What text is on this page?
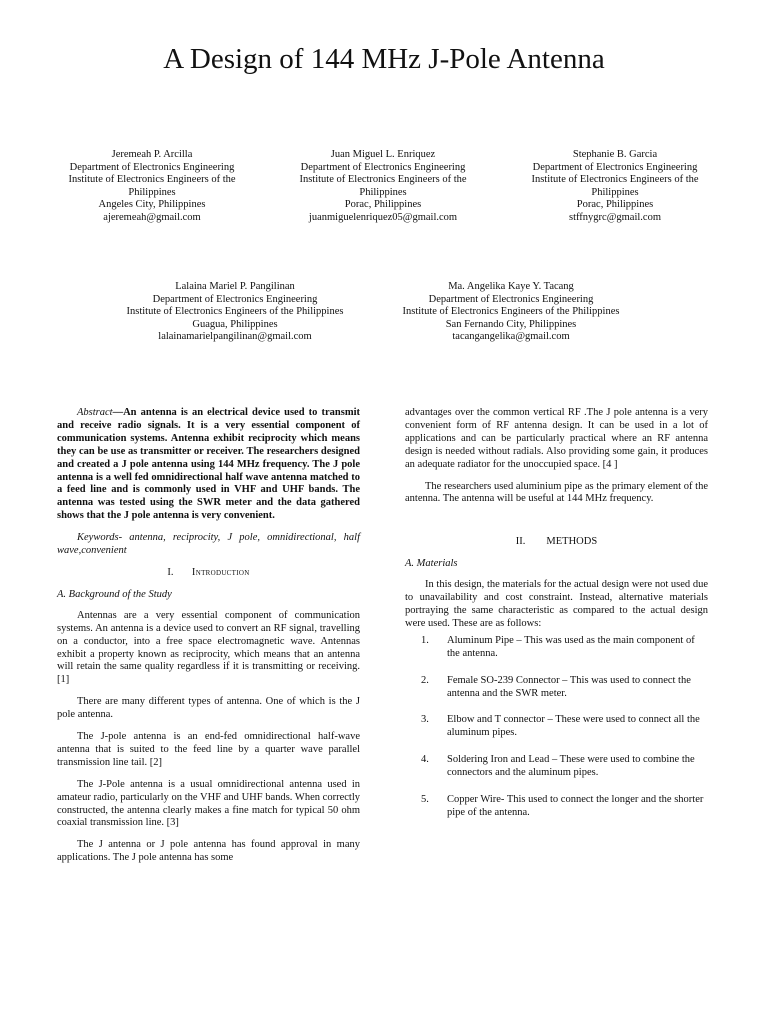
A Design of 144 MHz J-Pole Antenna
Jeremeah P. Arcilla
Department of Electronics Engineering
Institute of Electronics Engineers of the
Philippines
Angeles City, Philippines
ajeremeah@gmail.com
Juan Miguel L. Enriquez
Department of Electronics Engineering
Institute of Electronics Engineers of the
Philippines
Porac, Philippines
juanmiguelenriquez05@gmail.com
Stephanie B. Garcia
Department of Electronics Engineering
Institute of Electronics Engineers of the
Philippines
Porac, Philippines
stffnygrc@gmail.com
Lalaina Mariel P. Pangilinan
Department of Electronics Engineering
Institute of Electronics Engineers of the Philippines
Guagua, Philippines
lalainamarielpangilinan@gmail.com
Ma. Angelika Kaye Y. Tacang
Department of Electronics Engineering
Institute of Electronics Engineers of the Philippines
San Fernando City, Philippines
tacangangelika@gmail.com

Abstract—An antenna is an electrical device used to transmit and receive radio signals. It is a very essential component of communication systems. Antenna exhibit reciprocity which means they can be use as transmitter or receiver. The researchers designed and created a J pole antenna using 144 MHz frequency. The J pole antenna is a well fed omnidirectional half wave antenna matched to a feed line and is commonly used in VHF and UHF bands. The antenna was tested using the SWR meter and the data gathered shows that the J pole antenna is very convenient.

Keywords- antenna, reciprocity, J pole, omnidirectional, half wave,convenient

I. Introduction

A. Background of the Study

Antennas are a very essential component of communication systems. An antenna is a device used to convert an RF signal, travelling on a conductor, into a free space electromagnetic wave. Antennas exhibit a property known as reciprocity, which means that an antenna will retain the same quality regardless if it is transmitting or receiving. [1]

There are many different types of antenna. One of which is the J pole antenna.

The J-pole antenna is an end-fed omnidirectional half-wave antenna that is suited to the feed line by a quarter wave parallel transmission line tail. [2]

The J-Pole antenna is a usual omnidirectional antenna used in amateur radio, particularly on the VHF and UHF bands. When correctly constructed, the antenna clearly makes a fine match for typical 50 ohm coaxial transmission line. [3]

The J antenna or J pole antenna has found approval in many applications. The J pole antenna has some

advantages over the common vertical RF .The J pole antenna is a very convenient form of RF antenna design. It can be used in a lot of applications and can be particularly practical where an RF antenna design is needed without radials. Also providing some gain, it produces an adequate radiator for the unoccupied space. [4 ]

The researchers used aluminium pipe as the primary element of the antenna. The antenna will be useful at 144 MHz frequency.

II. METHODS

A. Materials

In this design, the materials for the actual design were not used due to unavailability and cost constraint. Instead, alternative materials portraying the same characteristic as compared to the actual design were used. These are as follows:

1.	Aluminum Pipe – This was used as the main component of the antenna.
2.	Female SO-239 Connector – This was used to connect the antenna and the SWR meter.
3.	Elbow and T connector – These were used to connect all the aluminum pipes.
4.	Soldering Iron and Lead – These were used to combine the connectors and the aluminum pipes.
5.	Copper Wire- This used to connect the longer and the shorter pipe of the antenna.
